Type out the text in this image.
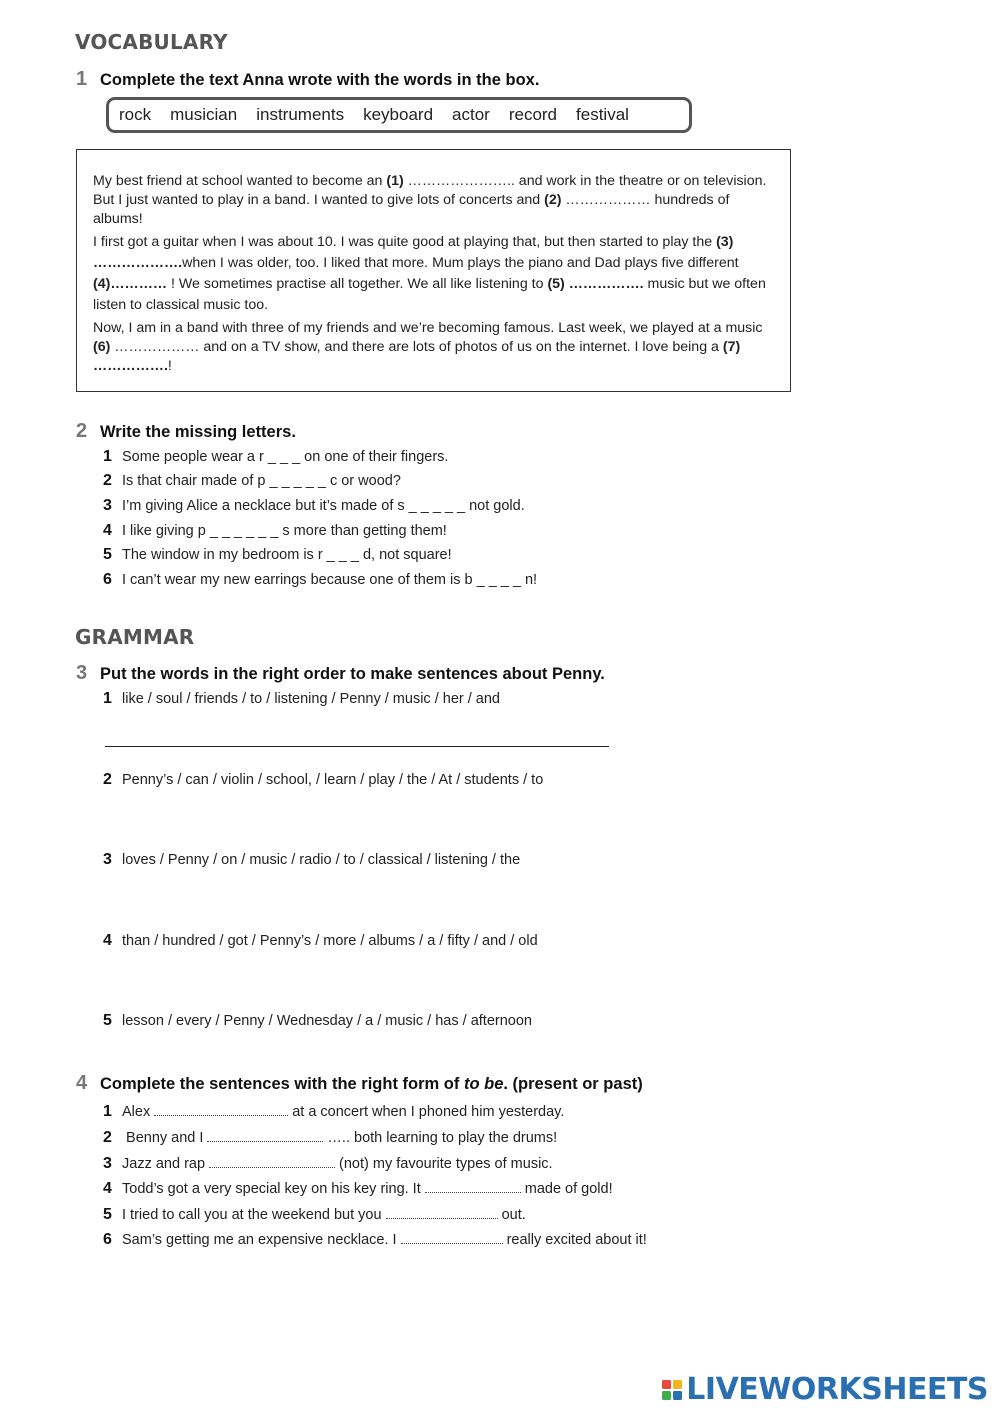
VOCABULARY
1 Complete the text Anna wrote with the words in the box.
rock musician instruments keyboard actor record festival

My best friend at school wanted to become an (1) ………………….. and work in the theatre or on television. But I just wanted to play in a band. I wanted to give lots of concerts and (2) ……………… hundreds of albums!

I first got a guitar when I was about 10. I was quite good at playing that, but then started to play the (3) ……………….when I was older, too. I liked that more. Mum plays the piano and Dad plays five different (4)………… ! We sometimes practise all together. We all like listening to (5) ……………. music but we often listen to classical music too.

Now, I am in a band with three of my friends and we’re becoming famous. Last week, we played at a music (6) ……………… and on a TV show, and there are lots of photos of us on the internet. I love being a (7) …………….!

2 Write the missing letters.
1 Some people wear a r _ _ _ on one of their fingers.
2 Is that chair made of p _ _ _ _ _ c or wood?
3 I’m giving Alice a necklace but it’s made of s _ _ _ _ _ not gold.
4 I like giving p _ _ _ _ _ _ s more than getting them!
5 The window in my bedroom is r _ _ _ d, not square!
6 I can’t wear my new earrings because one of them is b _ _ _ _ n!
GRAMMAR
3 Put the words in the right order to make sentences about Penny.
1 like / soul / friends / to / listening / Penny / music / her / and
2 Penny’s / can / violin / school, / learn / play / the / At / students / to
3 loves / Penny / on / music / radio / to / classical / listening / the
4 than / hundred / got / Penny’s / more / albums / a / fifty / and / old
5 lesson / every / Penny / Wednesday / a / music / has / afternoon
4 Complete the sentences with the right form of to be. (present or past)
1 Alex	at a concert when I phoned him yesterday.
2 Benny and I	….. both learning to play the drums!
3 Jazz and rap	(not) my favourite types of music.
4 Todd’s got a very special key on his key ring. It	made of gold!
5 I tried to call you at the weekend but you	out.
6 Sam’s getting me an expensive necklace. I	really excited about it!
LIVEWORKSHEETS
